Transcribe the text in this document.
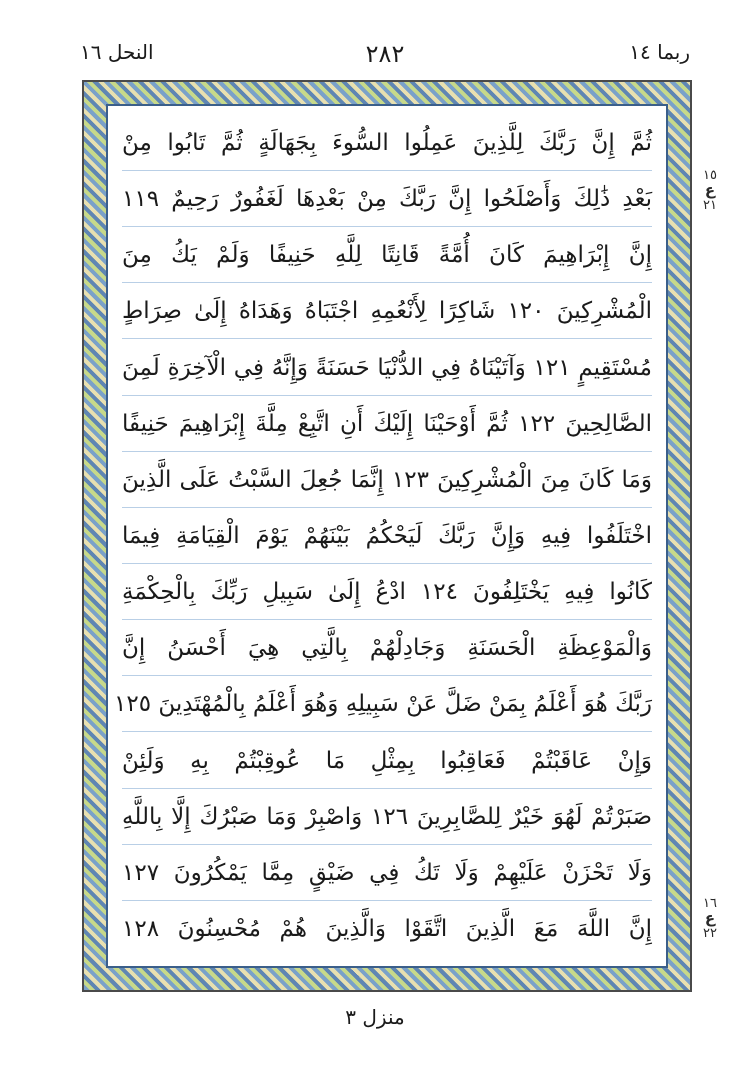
النحل ١٦	٢٨٢	ربما ١٤
ثُمَّ إِنَّ رَبَّكَ لِلَّذِينَ عَمِلُوا السُّوءَ بِجَهَالَةٍ ثُمَّ تَابُوا مِنْ
بَعْدِ ذَٰلِكَ وَأَصْلَحُوا إِنَّ رَبَّكَ مِنْ بَعْدِهَا لَغَفُورٌ رَحِيمٌ ١١٩
إِنَّ إِبْرَاهِيمَ كَانَ أُمَّةً قَانِتًا لِلَّهِ حَنِيفًا وَلَمْ يَكُ مِنَ
الْمُشْرِكِينَ ١٢٠ شَاكِرًا لِأَنْعُمِهِ اجْتَبَاهُ وَهَدَاهُ إِلَىٰ صِرَاطٍ
مُسْتَقِيمٍ ١٢١ وَآتَيْنَاهُ فِي الدُّنْيَا حَسَنَةً وَإِنَّهُ فِي الْآخِرَةِ لَمِنَ
الصَّالِحِينَ ١٢٢ ثُمَّ أَوْحَيْنَا إِلَيْكَ أَنِ اتَّبِعْ مِلَّةَ إِبْرَاهِيمَ حَنِيفًا
وَمَا كَانَ مِنَ الْمُشْرِكِينَ ١٢٣ إِنَّمَا جُعِلَ السَّبْتُ عَلَى الَّذِينَ
اخْتَلَفُوا فِيهِ وَإِنَّ رَبَّكَ لَيَحْكُمُ بَيْنَهُمْ يَوْمَ الْقِيَامَةِ فِيمَا
كَانُوا فِيهِ يَخْتَلِفُونَ ١٢٤ ادْعُ إِلَىٰ سَبِيلِ رَبِّكَ بِالْحِكْمَةِ
وَالْمَوْعِظَةِ الْحَسَنَةِ وَجَادِلْهُمْ بِالَّتِي هِيَ أَحْسَنُ إِنَّ
رَبَّكَ هُوَ أَعْلَمُ بِمَنْ ضَلَّ عَنْ سَبِيلِهِ وَهُوَ أَعْلَمُ بِالْمُهْتَدِينَ ١٢٥
وَإِنْ عَاقَبْتُمْ فَعَاقِبُوا بِمِثْلِ مَا عُوقِبْتُمْ بِهِ وَلَئِنْ
صَبَرْتُمْ لَهُوَ خَيْرٌ لِلصَّابِرِينَ ١٢٦ وَاصْبِرْ وَمَا صَبْرُكَ إِلَّا بِاللَّهِ
وَلَا تَحْزَنْ عَلَيْهِمْ وَلَا تَكُ فِي ضَيْقٍ مِمَّا يَمْكُرُونَ ١٢٧
إِنَّ اللَّهَ مَعَ الَّذِينَ اتَّقَوْا وَالَّذِينَ هُمْ مُحْسِنُونَ ١٢٨
١٥
ع
٢١
١٦
ع
٢٢
منزل ٣
